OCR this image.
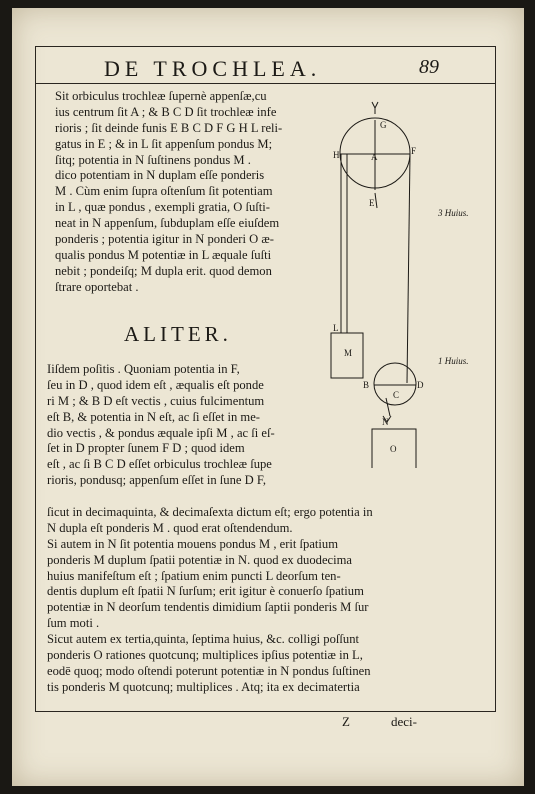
DE TROCHLEA.	89
Sit orbiculus trochleæ ſupernè appenſæ,cu
ius centrum ſit A ; & B C D ſit trochleæ infe
rioris ; ſit deinde funis E B C D F G H L reli-
gatus in E ; & in L ſit appenſum pondus M;
ſitq; potentia in N ſuſtinens pondus M .
dico potentiam in N duplam eſſe ponderis
M . Cùm enim ſupra oſtenſum ſit potentiam
in L , quæ pondus , exempli gratia, O ſuſti-
neat in N appenſum, ſubduplam eſſe eiuſdem
ponderis ; potentia igitur in N ponderi O æ-
qualis pondus M potentiæ in L æquale ſuſti
nebit ; pondeiſq; M dupla erit. quod demon
ſtrare oportebat .
ALITER.
Iiſdem poſitis . Quoniam potentia in F,
ſeu in D , quod idem eſt , æqualis eſt ponde
ri M ; & B D eſt vectis , cuius fulcimentum
eſt B, & potentia in N eſt, ac ſi eſſet in me-
dio vectis , & pondus æquale ipſi M , ac ſi eſ-
ſet in D propter ſunem F D ; quod idem
eſt , ac ſi B C D eſſet orbiculus trochleæ ſupe
rioris, pondusq; appenſum eſſet in ſune D F,
ſicut in decimaquinta, & decimaſexta dictum eſt; ergo potentia in
N dupla eſt ponderis M . quod erat oſtendendum.
Si autem in N ſit potentia mouens pondus M , erit ſpatium
ponderis M duplum ſpatii potentiæ in N. quod ex duodecima
huius manifeſtum eſt ; ſpatium enim puncti L deorſum ten-
dentis duplum eſt ſpatii N ſurſum; erit igitur è conuerſo ſpatium
potentiæ in N deorſum tendentis dimidium ſaptii ponderis M ſur
ſum moti .
Sicut autem ex tertia,quinta, ſeptima huius, &c. colligi poſſunt
ponderis O rationes quotcunq; multiplices ipſius potentiæ in L,
eodē quoq; modo oſtendi poterunt potentiæ in N pondus ſuſtinen
tis ponderis M quotcunq; multiplices . Atq; ita ex decimatertia
3 Huius.
1 Huius.
Z	deci-
G
A
H	F
E
L
M
B
C
D
N
O
